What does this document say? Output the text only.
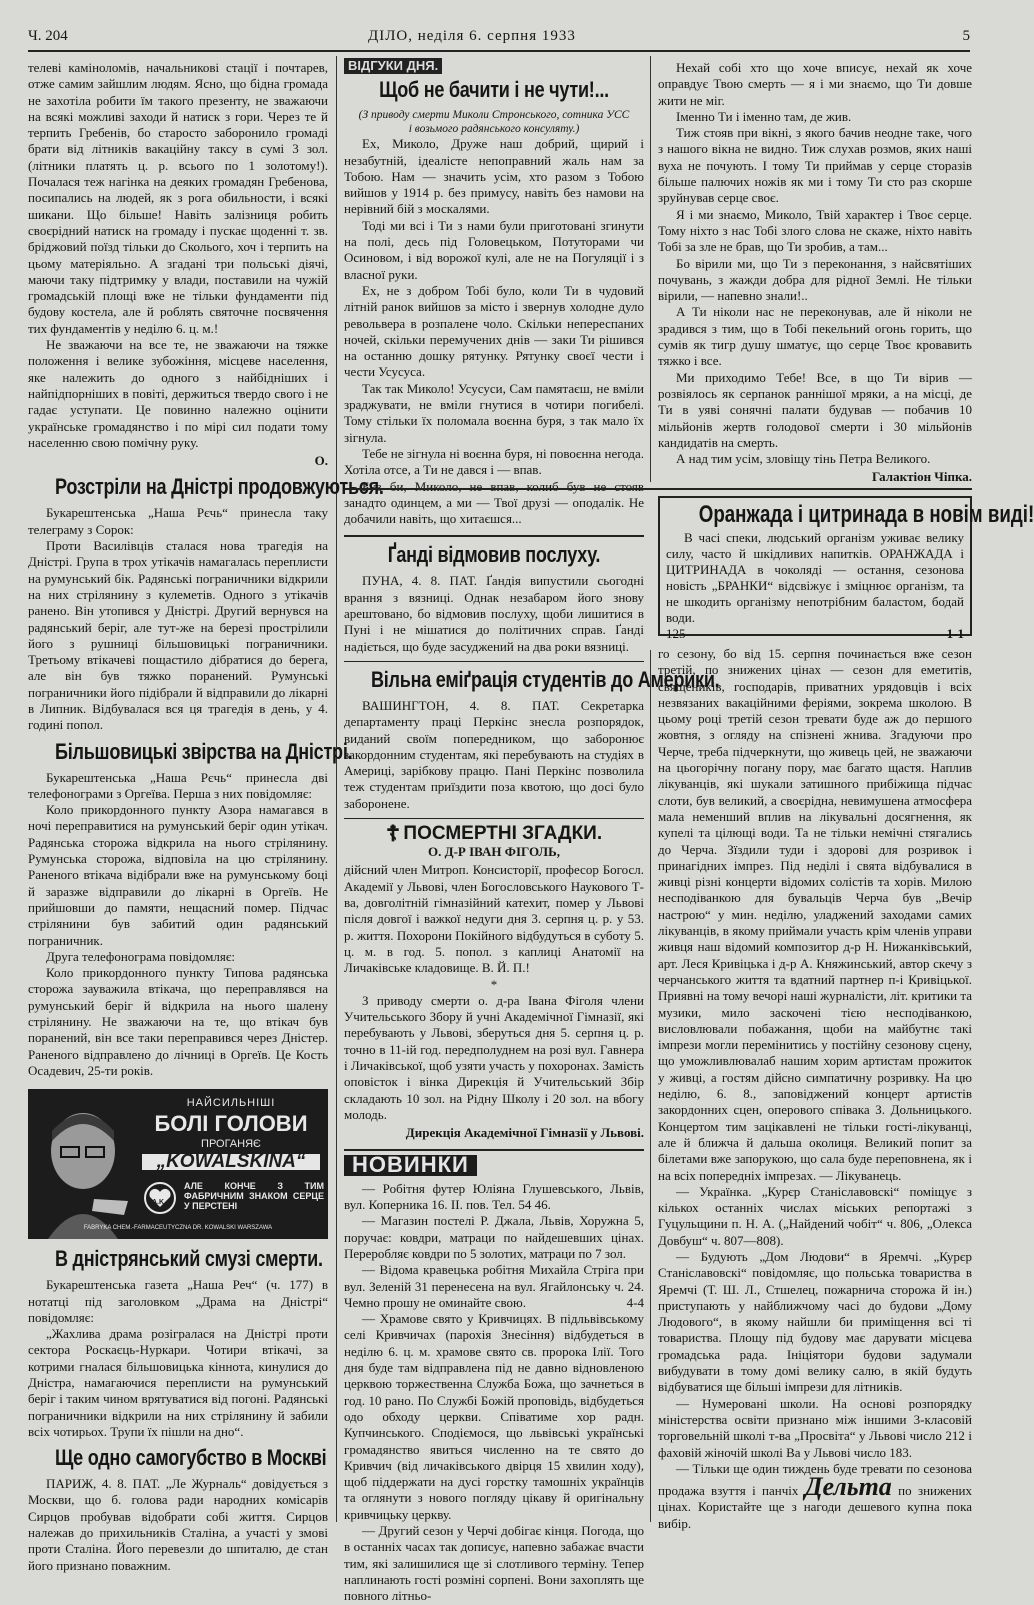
Ч. 204	ДІЛО, неділя 6. серпня 1933	5

телеві каміноломів, начальникові стації і почтарев, отже самим зайшлим людям. Ясно, що бідна громада не захотіла робити їм такого презенту, не зважаючи на всякі можливі заходи й натиск з гори. Через те й терпить Гребенів, бо старосто заборонило громаді брати від літників вакаційну таксу в сумі 3 зол. (літники платять ц. р. всього по 1 золотому!). Почалася теж нагінка на деяких громадян Гребенова, посипались на людей, як з рога обильности, і всякі шикани. Що більше! Навіть залізниця робить своєрідний натиск на громаду і пускає щоденні т. зв. бріджовий поїзд тільки до Сколього, хоч і терпить на цьому матеріяльно. А згадані три польські діячі, маючи таку підтримку у влади, поставили на чужій громадській площі вже не тільки фундаменти під будову костела, але й роблять святочне посвячення тих фундаментів у неділю 6. ц. м.!

Не зважаючи на все те, не зважаючи на тяжке положення і велике зубожіння, місцеве населення, яке належить до одного з найбідніших і найпідпорніших в повіті, держиться твердо свого і не гадає уступати. Це повинно належно оцінити українське громадянство і по мірі сил подати тому населенню свою помічну руку.

О.
Розстріли на Дністрі продовжуються.

Букарештенська „Наша Рєчь“ принесла таку телеграму з Сорок:

Проти Василівців сталася нова трагедія на Дністрі. Група в трох утікачів намагалась переплисти на румунський бік. Радянські пограничники відкрили на них стрілянину з кулеметів. Одного з утікачів ранено. Він утопився у Дністрі. Другий вернувся на радянський беріг, але тут-же на березі прострілили його з рушниці більшовицькі пограничники. Третьому втікачеві пощастило дібратися до берега, але він був тяжко поранений. Румунські пограничники його підібрали й відправили до лікарні в Липник. Відбувалася вся ця трагедія в день, у 4. годині попол.

Більшовицькі звірства на Дністрі.

Букарештенська „Наша Рєчь“ принесла дві телефонограми з Оргеїва. Перша з них повідомляє:

Коло прикордонного пункту Азора намагався в ночі переправитися на румунський беріг один утікач. Радянська сторожа відкрила на нього стрілянину. Румунська сторожа, відповіла на цю стрілянину. Раненого втікача відібрали вже на румунському боці й заразже відправили до лікарні в Оргеїв. Не прийшовши до памяти, нещасний помер. Підчас стрілянини був забитий один радянський пограничник.

Друга телефонограма повідомляє:

Коло прикордонного пункту Типова радянська сторожа зауважила втікача, що переправлявся на румунський беріг й відкрила на нього шалену стрілянину. Не зважаючи на те, що втікач був поранений, він все таки переправився через Дністер. Раненого відправлено до лічниці в Оргеїв. Це Кость Осадевич, 25-ти років.

НАЙСИЛЬНІШІ
БОЛІ ГОЛОВИ
ПРОГАНЯЄ
„KOWALSKINA“
A.K.
АЛЕ КОНЧЕ З ТИМ ФАБРИЧНИМ ЗНАКОМ СЕРЦЕ У ПЕРСТЕНІ
FABRYKA CHEM.-FARMACEUTYCZNA DR. KOWALSKI WARSZAWA
В дністрянський смузі смерти.

Букарештенська газета „Наша Реч“ (ч. 177) в нотатці під заголовком „Драма на Дністрі“ повідомляє:

„Жахлива драма розігралася на Дністрі проти сектора Роскаєць-Нуркари. Чотири втікачі, за котрими гналася більшовицька кіннота, кинулися до Дністра, намагаючися переплисти на румунський беріг і таким чином врятуватися від погоні. Радянські пограничники відкрили на них стрілянину й забили всіх чотирьох. Трупи їх пішли на дно“.

Ще одно самогубство в Москві

ПАРИЖ, 4. 8. ПАТ. „Ле Журналь“ довідується з Москви, що б. голова ради народних комісарів Сирцов пробував відобрати собі життя. Сирцов належав до прихильників Сталіна, а участі у змові проти Сталіна. Його перевезли до шпиталю, де стан його признано поважним.

ВІДГУКИ ДНЯ.
Щоб не бачити і не чути!...

(З приводу смерти Миколи Стронського, сотника УСС і возьмого радянського консуляту.)

Ех, Миколо, Друже наш добрий, щирий і незабутній, ідеалісте непоправний жаль нам за Тобою. Нам — значить усім, хто разом з Тобою вийшов у 1914 р. без примусу, навіть без намови на нерівний бій з москалями.

Тоді ми всі і Ти з нами були приготовані згинути на полі, десь під Головецьком, Потуторами чи Осиновом, і від ворожої кулі, але не на Погуляції і з власної руки.

Ех, не з добром Тобі було, коли Ти в чудовий літній ранок вийшов за місто і звернув холодне дуло револьвера в розпалене чоло. Скільки непереспаних ночей, скільки перемучених днів — заки Ти рішився на останню дошку рятунку. Рятунку своєї чести і чести Усусуса.

Так так Миколо! Усусуси, Сам памятаєш, не вміли зраджувати, не вміли гнутися в чотири погибелі. Тому стільки їх поломала воєнна буря, з так мало їх зігнула.

Тебе не зігнула ні воєнна буря, ні повоєнна негода. Хотіла отсе, а Ти не дався і — впав.

Був би, Миколо, не впав, колиб був не стояв занадто одинцем, а ми — Твої друзі — оподалік. Не добачили навіть, що хитаєшся...

Ґанді відмовив послуху.

ПУНА, 4. 8. ПАТ. Ґандія випустили сьогодні врання з вязниці. Однак незабаром його знову арештовано, бо відмовив послуху, щоби лишитися в Пуні і не мішатися до політичних справ. Ґанді надіється, що буде засуджений на два роки вязниці.

Вільна еміґрація студентів до Америки.

ВАШИНГТОН, 4. 8. ПАТ. Секретарка департаменту праці Перкінс знесла розпорядок, виданий своїм попередником, що заборонює закордонним студентам, які перебувають на студіях в Америці, зарібкову працю. Пані Перкінс позволила теж студентам приїздити поза квотою, що досі було заборонене.

☦ ПОСМЕРТНІ ЗГАДКИ.
О. Д-Р ІВАН ФІГОЛЬ,

дійсний член Митроп. Консисторії, професор Богосл. Академії у Львові, член Богословського Наукового Т-ва, довголітній гімназійний катехит, помер у Львові після довгої і важкої недуги дня 3. серпня ц. р. у 53. р. життя. Похорони Покійного відбудуться в суботу 5. ц. м. в год. 5. попол. з каплиці Анатомії на Личаківське кладовище. В. Й. П.!

*

З приводу смерти о. д-ра Івана Фіголя члени Учительського Збору й учні Академічної Гімназії, які перебувають у Львові, зберуться дня 5. серпня ц. р. точно в 11-ій год. передполуднем на розі вул. Гавнера і Личаківської, щоб узяти участь у похоронах. Замість оповісток і вінка Дирекція й Учительський Збір складають 10 зол. на Рідну Школу і 20 зол. на вбогу молодь.

Дирекція Академічної Гімназії у Львові.
НОВИНКИ

— Робітня футер Юліяна Глушевського, Львів, вул. Коперника 16. II. пов. Тел. 54 46.

— Магазин постелі Р. Джала, Львів, Хоружна 5, поручає: ковдри, матраци по найдешевших цінах. Переробляє ковдри по 5 золотих, матраци по 7 зол.

— Відома кравецька робітня Михайла Стріга при вул. Зеленій 31 перенесена на вул. Ягайлонську ч. 24. Чемно прошу не оминайте свою.	4-4

— Храмове свято у Кривчицях. В підльвівському селі Кривчичах (парохія Знесіння) відбудеться в неділю 6. ц. м. храмове свято св. пророка Ілії. Того дня буде там відправлена під не давно відновленою церквою торжественна Служба Божа, що зачнеться в год. 10 рано. По Службі Божій проповідь, відбудеться одо обходу церкви. Співатиме хор радн. Купчинського. Сподіємося, що львівські українські громадянство явиться численно на те свято до Кривчич (від личаківського двірця 15 хвилин ходу), щоб піддержати на дусі горстку тамошніх українців та оглянути з нового погляду цікаву й оригінальну кривчицьку церкву.

— Другий сезон у Черчі добігає кінця. Погода, що в останніх часах так дописує, напевно забажає вчасти тим, які залишилися ще зі слотливого терміну. Тепер наплинають гості розміні сорпені. Вони захоплять ще повного літньо-

Нехай собі хто що хоче вписує, нехай як хоче оправдує Твою смерть — я і ми знаємо, що Ти довше жити не міг.

Іменно Ти і іменно там, де жив.

Тиж стояв при вікні, з якого бачив неодне таке, чого з нашого вікна не видно. Тиж слухав розмов, яких наші вуха не почують. І тому Ти приймав у серце сторазів більше палючих ножів як ми і тому Ти сто раз скорше зруйнував серце своє.

Я і ми знаємо, Миколо, Твій характер і Твоє серце. Тому ніхто з нас Тобі злого слова не скаже, ніхто навіть Тобі за зле не брав, що Ти зробив, а там...

Бо вірили ми, що Ти з переконання, з найсвятіших почувань, з жажди добра для рідної Землі. Не тільки вірили, — напевно знали!..

А Ти ніколи нас не переконував, але й ніколи не зрадився з тим, що в Тобі пекельний огонь горить, що сумів як тигр душу шматує, що серце Твоє кровавить тяжко і все.

Ми приходимо Тебе! Все, в що Ти вірив — розвіялось як серпанок раннішої мряки, а на місці, де Ти в уяві сонячні палати будував — побачив 10 мільйонів жертв голодової смерти і 30 мільйонів кандидатів на смерть.

А над тим усім, зловіщу тінь Петра Великого.

Галактіон Чіпка.
Оранжада і цитринада в новім виді!
В часі спеки, людський організм уживає велику силу, часто й шкідливих напитків. ОРАНЖАДА і ЦИТРИНАДА в чоколяді — остання, сезонова новість „БРАНКИ“ відсвіжує і зміцнює організм, та не шкодить організму непотрібним баластом, бодай води.
125	1-1

го сезону, бо від 15. серпня починається вже сезон третій, по знижених цінах — сезон для еметитів, священиків, господарів, приватних урядовців і всіх незвязаних вакаційними феріями, зокрема школою. В цьому році третій сезон тревати буде аж до першого жовтня, з огляду на спізнені жнива. Згадуючи про Черче, треба підчеркнути, що живець цей, не зважаючи на цьогорічну погану пору, має багато щастя. Наплив лікуванців, які шукали затишного прибіжища підчас слоти, був великий, а своєрідна, невимушена атмосфера мала неменший вплив на лікувальні досягнення, як купелі та цілющі води. Та не тільки немічні стягались до Черча. Зїздили туди і здорові для розривок і принагідних імпрез. Під неділі і свята відбувалися в живці різні концерти відомих солістів та хорів. Милою несподіванкою для бувальців Черча був „Вечір настрою“ у мин. неділю, уладжений заходами самих лікуванців, в якому приймали участь крім членів управи живця наш відомий композитор д-р Н. Нижанківський, арт. Леся Кривіцька і д-р А. Княжинський, автор скечу з черчанського життя та вдатний партнер п-і Кривіцької. Приявні на тому вечорі наші журналісти, літ. критики та музики, мило заскочені тією несподіванкою, висловлювали побажання, щоби на майбутнє такі імпрези могли перемінитись у постійну сезонову сцену, що уможливлювалаб нашим хорим артистам прожиток у живці, а гостям дійсно симпатичну розривку. На цю неділю, 6. 8., заповіджений концерт артистів закордонних сцен, оперового співака З. Дольницького. Концертом тим зацікавлені не тільки гості-лікуванці, але й ближча й дальша околиця. Великий попит за білетами вже запорукою, що сала буде переповнена, як і на всіх попередніх імпрезах. — Лікуванець.

— Українка. „Курєр Станіславовскі“ поміщує з кількох останніх числах міських репортажі з Гуцульщини п. Н. А. („Найдений чобіт“ ч. 806, „Олекса Довбуш“ ч. 807—808).

— Будують „Дом Людови“ в Яремчі. „Курєр Станіславовскі“ повідомляє, що польська товариства в Яремчі (Т. Ш. Л., Стшелец, пожарнича сторожа й ін.) приступають у найближчому часі до будови „Дому Людового“, в якому найшли би приміщення всі ті товариства. Площу під будову має дарувати місцева громадська рада. Ініціятори будови задумали вибудувати в тому домі велику салю, в якій будуть відбуватися ще більші імпрези для літників.

— Нумеровані школи. На основі розпорядку міністерства освіти признано між іншими 3-класовій торговельній школі т-ва „Просвіта“ у Львові число 212 і фаховій жіночій школі Ва у Львові число 183.

— Тільки ще один тиждень буде тревати по сезонова продажа взуття і панчіх Дельта по знижених цінах. Користайте ще з нагоди дешевого купна пока вибір.
